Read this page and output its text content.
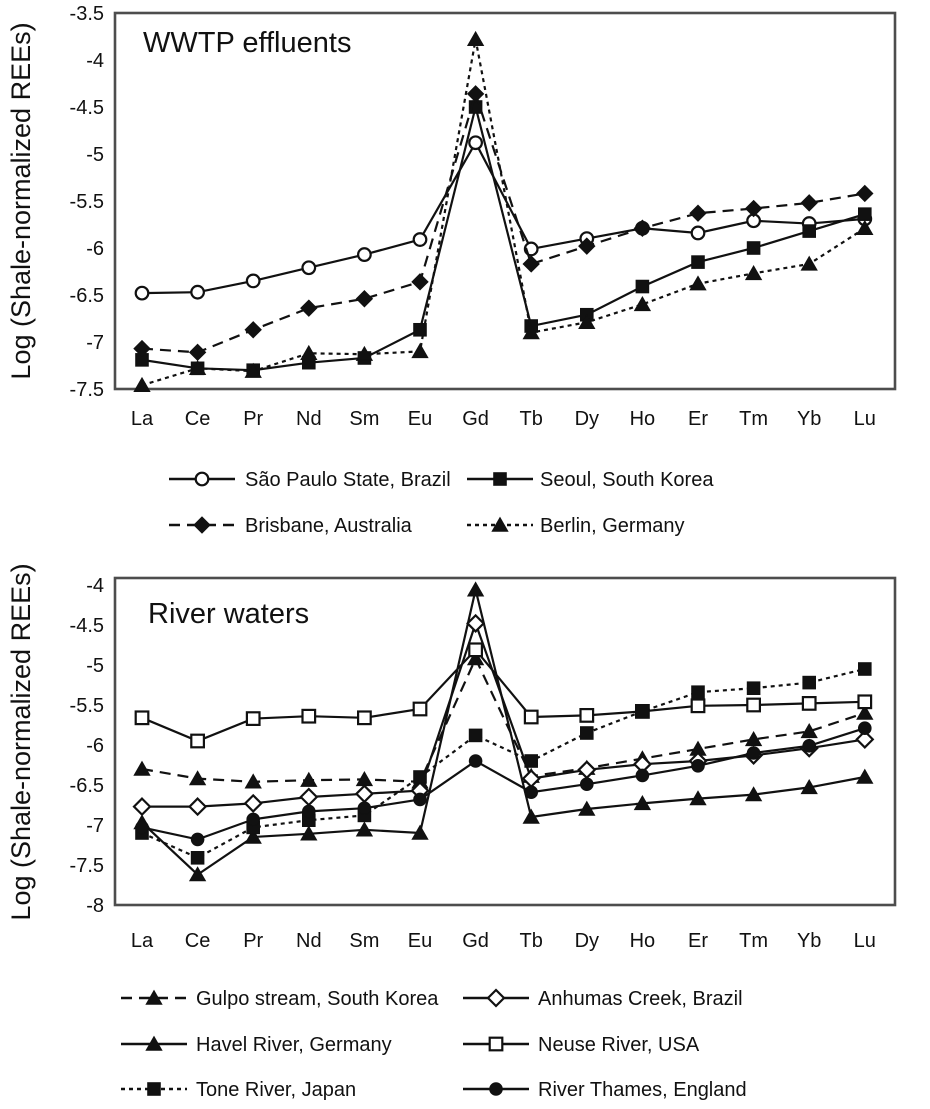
-3.5
-4
-4.5
-5
-5.5
-6
-6.5
-7
-7.5
La Ce Pr Nd Sm Eu Gd Tb Dy Ho Er Tm Yb Lu
São Paulo State, Brazil	Seoul, South Korea
Brisbane, Australia	Berlin, Germany
-4
-4.5
-5
-5.5
-6
-6.5
-7
-7.5
-8
La Ce Pr Nd Sm Eu Gd Tb Dy Ho Er Tm Yb Lu
Gulpo stream, South Korea	Anhumas Creek, Brazil
Havel River, Germany	Neuse River, USA
Tone River, Japan	River Thames, England
WWTP effluents
River waters
Log (Shale-normalized REEs)
Log (Shale-normalized REEs)
